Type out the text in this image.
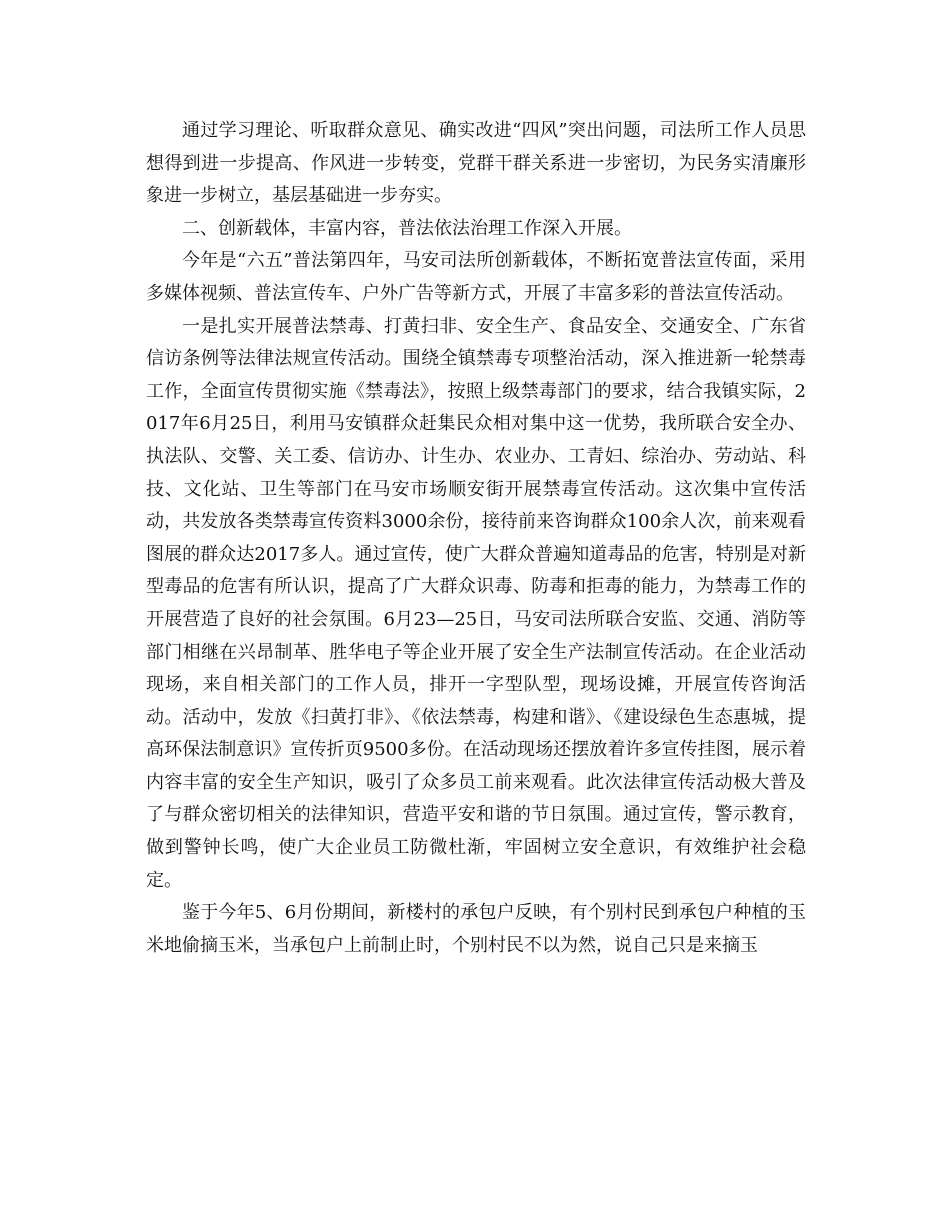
通过学习理论、听取群众意见、确实改进“四风”突出问题，司法所工作人员思想得到进一步提高、作风进一步转变，党群干群关系进一步密切，为民务实清廉形象进一步树立，基层基础进一步夯实。

二、创新载体，丰富内容，普法依法治理工作深入开展。

今年是“六五”普法第四年，马安司法所创新载体，不断拓宽普法宣传面，采用多媒体视频、普法宣传车、户外广告等新方式，开展了丰富多彩的普法宣传活动。

一是扎实开展普法禁毒、打黄扫非、安全生产、食品安全、交通安全、广东省信访条例等法律法规宣传活动。围绕全镇禁毒专项整治活动，深入推进新一轮禁毒工作，全面宣传贯彻实施《禁毒法》，按照上级禁毒部门的要求，结合我镇实际，2017年6月25日，利用马安镇群众赶集民众相对集中这一优势，我所联合安全办、执法队、交警、关工委、信访办、计生办、农业办、工青妇、综治办、劳动站、科技、文化站、卫生等部门在马安市场顺安街开展禁毒宣传活动。这次集中宣传活动，共发放各类禁毒宣传资料3000余份，接待前来咨询群众100余人次，前来观看图展的群众达2017多人。通过宣传，使广大群众普遍知道毒品的危害，特别是对新型毒品的危害有所认识，提高了广大群众识毒、防毒和拒毒的能力，为禁毒工作的开展营造了良好的社会氛围。6月23—25日，马安司法所联合安监、交通、消防等部门相继在兴昂制革、胜华电子等企业开展了安全生产法制宣传活动。在企业活动现场，来自相关部门的工作人员，排开一字型队型，现场设摊，开展宣传咨询活动。活动中，发放《扫黄打非》、《依法禁毒，构建和谐》、《建设绿色生态惠城，提高环保法制意识》宣传折页9500多份。在活动现场还摆放着许多宣传挂图，展示着内容丰富的安全生产知识，吸引了众多员工前来观看。此次法律宣传活动极大普及了与群众密切相关的法律知识，营造平安和谐的节日氛围。通过宣传，警示教育，做到警钟长鸣，使广大企业员工防微杜渐，牢固树立安全意识，有效维护社会稳定。

鉴于今年5、6月份期间，新楼村的承包户反映，有个别村民到承包户种植的玉米地偷摘玉米，当承包户上前制止时，个别村民不以为然，说自己只是来摘玉
